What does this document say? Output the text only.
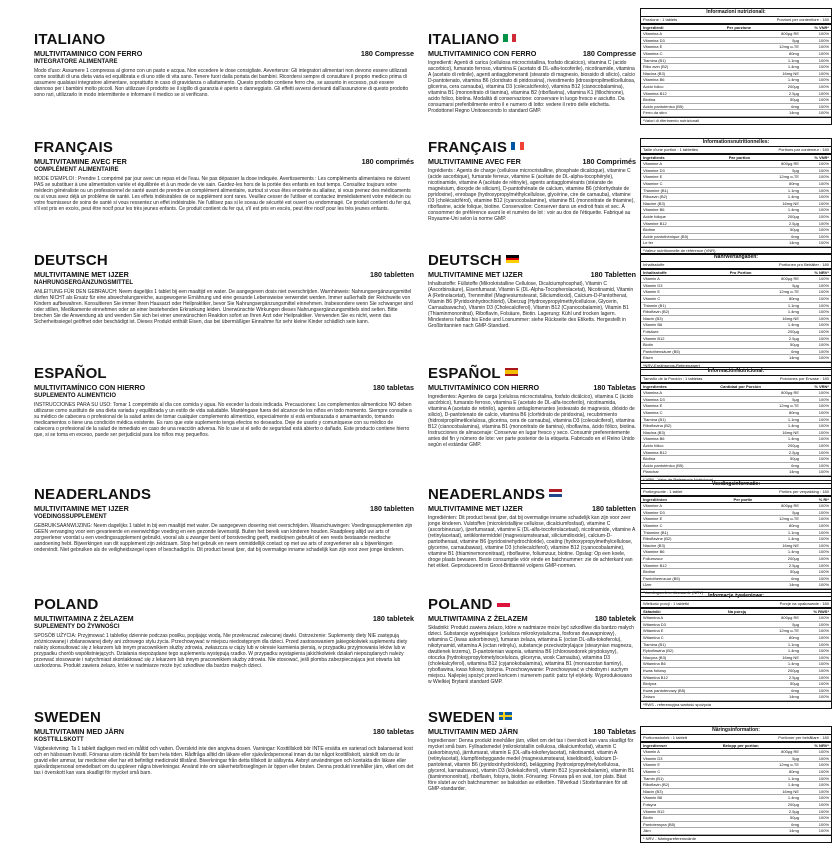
ITALIANO
MULTIVITAMINICO CON FERRO	180 Compresse
INTEGRATORE ALIMENTARE
Modo d'uso: Assumere 1 compressa al giorno con un pasto e acqua. Non eccedere le dose consigliate. Avvertenze: Gli integratori alimentari non devono essere utilizzati come sostituti di una dieta varia ed equilibrata e di uno stile di vita sano. Tenere fuori dalla portata dei bambini. Ricordersi sempre di consultare il proprio medico prima di assumere qualsiasi integratore alimentare, soprattutto in caso di gravidanza o allattamento. Questo prodotto contiene ferro che, se assunto in eccesso, può essere dannoso per i bambini molto piccoli. Non utilizzare il prodotto se il sigillo di garanzia è aperto o danneggiato. Gli effetti avversi derivanti dall'assunzione di questo prodotto sono rari, utilizzarlo in modo intermittente e informare il medico se si verificano.
FRANÇAIS
MULTIVITAMINE AVEC FER	180 comprimés
COMPLÉMENT ALIMENTAIRE
MODE D'EMPLOI : Prendre 1 comprimé par jour avec un repas et de l'eau. Ne pas dépasser la dose indiquée. Avertissements : Les compléments alimentaires ne doivent PAS se substituer à une alimentation variée et équilibrée et à un mode de vie sain. Gardez-les hors de la portée des enfants en tout temps. Consultez toujours votre médecin généraliste ou un professionnel de santé avant de prendre un complément alimentaire, surtout si vous êtes enceinte ou allaitez, si vous prenez des médicaments ou si vous avez déjà un problème de santé. Les effets indésirables de ce supplément sont rares. Veuillez cesser de l'utiliser et contactez immédiatement votre médecin ou votre fournisseur de soins de santé si vous ressentez un effet indésirable. Ne l'utilisez pas si le sceau de sécurité est ouvert ou endommagé. Ce produit contient du fer qui, s'il est pris en excès, peut être nocif pour les très jeunes enfants. Ce produit contient du fer qui, s'il est pris en excès, peut être nocif pour les très jeunes enfants.
DEUTSCH
MULTIVITAMINE MET IJZER	180 tabletten
NAHRUNGSERGÄNZUNGSMITTEL
ANLEITUNG FÜR DEN GEBRAUCH: Neem dagelijks 1 tablet bij een maaltijd en water. De aangegeven dosis niet overschrijden. Warnhinweis: Nahrungsergänzungsmittel dürfen NICHT als Ersatz für eine abwechslungsreiche, ausgewogene Ernährung und eine gesunde Lebensweise verwendet werden. Immer außerhalb der Reichweite von Kindern aufbewahren. Konsultieren Sie immer Ihren Hausarzt oder Heilpraktiker, bevor Sie Nahrungsergänzungsmittel einnehmen. Insbesondere wenn Sie schwanger sind oder stillen, Medikamente einnehmen oder an einer bestehenden Erkrankung leiden. Unerwünschte Wirkungen dieses Nahrungsergänzungsmittels sind selten. Bitte brechen Sie die Anwendung ab und wenden Sie sich bei einer unerwünschten Reaktion sofort an Ihren Arzt oder Heilpraktiker. Verwenden Sie es nicht, wenn das Sicherheitssiegel geöffnet oder beschädigt ist. Dieses Produkt enthält Eisen, das bei übermäßiger Einnahme für sehr kleine Kinder schädlich sein kann.
ESPAÑOL
MULTIVITAMÍNICO CON HIERRO	180 tabletas
SUPLEMENTO ALIMENTICIO
INSTRUCCIONES PARA SU USO: Tomar 1 comprimido al día con comida y agua. No exceder la dosis indicada. Precauciones: Los complementos alimenticios NO deben utilizarse como sustituto de una dieta variada y equilibrada y un estilo de vida saludable. Manténgase fuera del alcance de los niños en todo momento. Siempre consulte a su médico de cabecera o profesional de la salud antes de tomar cualquier complemento alimenticio, especialmente si está embarazada o amamantando, tomando medicamentos o tiene una condición médica existente. Es raro que este suplemento tenga efectos no deseados. Deje de usarlo y comuníquese con su médico de cabecera o profesional de la salud de inmediato en caso de una reacción adversa. No lo use si el sello de seguridad está abierto o dañado. Este producto contiene hierro que, si se toma en exceso, puede ser perjudicial para los niños muy pequeños.
NEADERLANDS
MULTIVITAMINE MET IJZER	180 tabletten
VOEDINGSSUPPLEMENT
GEBRUIKSAANWIJZING: Neem dagelijks 1 tablet in bij een maaltijd met water. De aangegeven dosering niet overschrijden. Waarschuwingen: Voedingssupplementen zijn GEEN vervanging voor een gevarieerde en evenwichtige voeding en een gezonde levensstijl. Buiten het bereik van kinderen houden. Raadpleeg altijd uw arts of zorgverlener voordat u een voedingssupplement gebruikt, vooral als u zwanger bent of borstvoeding geeft, medicijnen gebruikt of een reeds bestaande medische aandoening hebt. Bijwerkingen van dit supplement zijn zeldzaam. Stop het gebruik en neem onmiddellijk contact op met uw arts of zorgverlener als u bijwerkingen ondervindt. Niet gebruiken als de veiligheidszegel open of beschadigd is. Dit product bevat ijzer, dat bij overmatige inname schadelijk kan zijn voor zeer jonge kinderen.
POLAND
MULTIWITAMINA Z ŻELAZEM	180 tabletek
SUPLEMENTY DO ŻYWNOŚCI
SPOSÓB UŻYCIA: Przyjmować 1 tabletkę dziennie podczas posiłku, popijając wodą. Nie przekraczać zalecanej dawki. Ostrzeżenie: Suplementy diety NIE zastępują zróżnicowanej i zbilansowanej diety ani zdrowego stylu życia. Przechowywać w miejscu niedostępnym dla dzieci. Przed zastosowaniem jakiegokolwiek suplementu diety należy skonsultować się z lekarzem lub innym pracownikiem służby zdrowia, zwłaszcza w ciąży lub w okresie karmienia piersią, w przypadku przyjmowania leków lub w przypadku chorób współistniejących. Działania niepożądane tego suplementu występują rzadko. W przypadku wystąpienia jakichkolwiek działań niepożądanych należy przerwać stosowanie i natychmiast skontaktować się z lekarzem lub innym pracownikiem służby zdrowia. Nie stosować, jeśli plomba zabezpieczająca jest otwarta lub uszkodzona. Produkt zawiera żelazo, które w nadmiarze może być szkodliwe dla bardzo małych dzieci.
SWEDEN
MULTIVITAMIN MED JÄRN	180 tabletas
KOSTTILLSKOTT
Vägbeskrivning: Ta 1 tablett dagligen med en måltid och vatten. Överskrid inte den angivna dosen. Varningar: Kosttillskott bör INTE ersätta en varierad och balanserad kost och en hälsosam livsstil. Förvaras utom räckhåll för barn hela tiden. Rådfråga alltid din läkare eller sjukvårdspersonal innan du tar något kosttillskott, särskilt om du är gravid eller ammar, tar mediciner eller har ett befintligt medicinskt tillstånd. Biverkningar från detta tillskott är sällsynta. Avbryt användningen och kontakta din läkare eller sjukvårdspersonal omedelbart om du upplever några biverkningar. Använd inte om säkerhetsförseglingen är öppen eller bruten. Denna produkt innehåller järn, vilket om det tas i överskott kan vara skadligt för mycket små barn.
ITALIANO
MULTIVITAMINICO CON FERRO	180 Compresse
Ingredienti: Agenti di carica (cellulosa microcristallina, fosfato dicalcico), vitamina C (acido ascorbico), fumarato ferroso, vitamina E (acetato di DL-alfa-tocoferile), nicotinamide, vitamina A (acetato di retinile), agenti antiagglomeranti (stearato di magnesio, biossido di silicio), calcio D-pantotenato, vitamina B6 (cloridrato di piridossina), rivestimento (idrossipropilmetilcellulosa, glicerina, cera carnauba), vitamina D3 (colecalciferolo), vitamina B12 (cianocobalamina), vitamina B1 (mononitrato di tiamina), vitamina B2 (riboflavina), vitamina K1 (fillochinone), acido folico, biotina. Modalità di conservazione: conservare in luogo fresco e asciutto. Da consumarsi preferibilmente entro il e numero di lotto: vedere il retro delle etichetta. Prodottonel Regno Unitosecondo lo standard GMP.
FRANÇAIS
MULTIVITAMINE AVEC FER	180 Comprimés
Ingrédients : Agents de charge (cellulose microcristalline, phosphate dicalcique), vitamine C (acide ascorbique), fumarate ferreux, vitamine E (acétate de DL-alpha-tocophéryle), nicotinamide, vitamine A (acétate de rétinyle), agents antiagglomérants (stéarate de magnésium, dioxyde de silicium), D-pantothénate de calcium, vitamine B6 (chlorhydrate de pyridoxine), enrobage (hydroxypropylméthylcellulose, glycérine, cire de carnauba), vitamine D3 (cholécalciférol), vitamine B12 (cyanocobalamine), vitamine B1 (mononitrate de thiamine), riboflavine, acide folique, biotine. Conservation: Conserver dans un endroit frais et sec. À consommer de préférence avant le et numéro de lot : voir au dos de l'étiquette. Fabriqué au Royaume-Uni selon la norme GMP.
DEUTSCH
MULTIVITAMINE MET IJZER	180 Tabletten
Inhaltsstoffe: Füllstoffe (Mikrokristalline Cellulose, Dicalciumphosphat), Vitamin C (Ascorbinsäure), Eisenfumarat, Vitamin E (DL-Alpha-Tocopherolacetat), Nicotinamid, Vitamin A (Retinolacetat), Trennmittel (Magnesiumstearat, Siliciumdioxid), Calcium-D-Pantothenat, Vitamin B6 (Pyridoxinhydrochlorid), Überzug (Hydroxypropylmethylcellulose, Glycerin, Carnaubawachs), Vitamin D3 (Cholecalciferol), Vitamin B12 (Cyanocobalamin), Vitamin B1 (Thiaminmononitrat), Riboflavin, Folsäure, Biotin. Lagerung: Kühl und trocken lagern. Mindestens haltbar bis Ende und Losnummer: siehe Rückseite des Etiketts. Hergestellt in Großbritannien nach GMP-Standard.
ESPAÑOL
MULTIVITAMÍNICO CON HIERRO	180 Tabletas
Ingredientes: Agentes de carga (celulosa microcristalina, fosfato dicálcico), vitamina C (ácido ascórbico), fumarato ferroso, vitamina E (acetato de DL-alfa-tocoferilo), nicotinamida, vitamina A (acetato de retinilo), agentes antiaglomerantes (estearato de magnesio, dióxido de silicio), D-pantotenato de calcio, vitamina B6 (clorhidrato de piridoxina), recubrimiento (hidroxipropilmetilcelulosa, glicerina, cera de carnauba), vitamina D3 (colecalciferol), vitamina B12 (cianocobalamina), vitamina B1 (mononitrato de tiamina), riboflavina, ácido fólico, biotina. Instrucciones de almacenaje: Conservar en lugar fresco y seco. Consumir preferentemente antes del fin y número de lote: ver parte posterior de la etiqueta. Fabricado en el Reino Unido según el estándar GMP.
NEADERLANDS
MULTIVITAMINE MET IJZER	180 tabletten
Ingrediënten: Dit product bevat ijzer, dat bij overmatige inname schadelijk kan zijn voor zeer jonge kinderen. Vulstoffen (microkristallijne cellulose, dicalciumfosfaat), vitamine C (ascorbinezuur), ijzerfumaraat, vitamine E (DL-alfa-tocoferolacetaat), nicotinamide, vitamine A (retinylacetaat), antiklontermiddel (magnesiumstearaat, siliciumdioxide), calcium-D-pantothenaat, vitamine B6 (pyridoxinehydrochloride), coating (hydroxypropylmethylcellulose, glycerine, carnaubawas), vitamine D3 (cholecalciferol), vitamine B12 (cyanocobalamine), vitamine B1 (thiaminemononitraat), riboflavine, foliumzuur, biotine. Opslag: Op een koele, droge plaats bewaren. Beste consumptie vóór einde en batchnummer: zie de achterkant van het etiket. Geproduceerd in Groot-Brittannië volgens GMP-normen.
POLAND
MULTIWITAMINA Z ŻELAZEM	180 tabletek
Składniki: Produkt zawiera żelazo, które w nadmiarze może być szkodliwe dla bardzo małych dzieci. Substancje wypełniające (celuloza mikrokrystaliczna, fosforan dwuwapniowy), witamina C (kwas askorbinowy), fumaran żelaza, witamina E (octan DL-alfa-tokoferolu), nikotynamid, witamina A (octan retinylu), substancje przeciwzbrylające (stearynian magnezu, dwutlenek krzemu), D-pantotenian wapnia, witamina B6 (chlorowodorek pirydoksyny), otoczka (hydroksypropylometyloceluloza, gliceryna, wosk Carnauba), witamina D3 (cholekalcyferol), witamina B12 (cyjanokobalamina), witamina B1 (monoazotan tiaminy), ryboflawina, kwas foliowy, biotyna. Przechowywanie: Przechowywać w chłodnym i suchym miejscu. Najlepiej spożyć przed końcem i numerem partii: patrz tył etykiety. Wyprodukowano w Wielkiej Brytanii standard GMP.
SWEDEN
MULTIVITAMIN MED JÄRN	180 Tabletas
Ingredienser: Denna produkt innehåller järn, vilket om det tas i överskott kan vara skadligt för mycket små barn. Fyllnadsmedel (mikrokristallin cellulosa, dikalciumfosfat), vitamin C (askorbinsyra), järnfumarat, vitamin E (DL-alfa-tokoferylacetat), nikotinamid, vitamin A (retinylacetat), klumpförebyggande medel (magnesiumstearat, kiseldioxid), kalcium D-pantotenat, vitamin B6 (pyridoxinhydroklorid), beläggning (hydroxipropylmetylcellulosa, glycerol, karnaubavax), vitamin D3 (kolekalciferol), vitamin B12 (cyanokobalamin), vitamin B1 (tiaminmononitrat), riboflavin, folsyra, biotin. Förvaring: Förvara på en sval, torr plats. Bäst före slutet av och batchnummer: se baksidan av etiketten. Tillverkad i Storbritannien för att GMP-standarder.
Informazioni nutrizionali:
Porzione : 1 tablets	Porzioni per contenitore : 180
Ingredienti	Per porzione	% VNR*
Vitamina A	800μg RE	100%
Vitamina D3	5μg	100%
Vitamina E	12mg α-TE	100%
Vitamina C	80mg	100%
Tiamina (B1)	1.1mg	100%
Ribo avin (B2)	1.4mg	100%
Niacina (B3)	16mg NE	100%
Vitamina B6	1.4mg	100%
Acido folico	200μg	100%
Vitamina B12	2.5μg	100%
Biotina	50μg	100%
Acido pantotenico (B5)	6mg	100%
Ferro da stiro	14mg	100%
*Valori di riferimento nutrizionali
Informationsnutritionnelles:
Taille d'une portion : 1 tablettes	Portions par conteneur : 180
Ingrédients	Par portion	% VNR*
Vitamine A	800μg RE	100%
Vitamine D3	5μg	100%
Vitamine E	12mg α-TE	100%
Vitamine C	80mg	100%
Thiamine (B1)	1.1mg	100%
Riboavin (B2)	1.4mg	100%
Niacine (B3)	16mg NE	100%
Vitamine B6	1.4mg	100%
Acide folique	200μg	100%
Vitamine B12	2.5μg	100%
Biotine	50μg	100%
Acide pantothénique (B5)	6mg	100%
Le fer	14mg	100%
*Valeur nutritionnelle de référence (VNR)
Nährwertangaben:
Inhaltsstoffe	Portionen pro Behälter : 180
Inhaltsstoffe	Pro Portion	% NRV*
Vitamin A	800μg RE	100%
Vitamin D3	5μg	100%
Vitamin E	12mg α-TE	100%
Vitamin C	80mg	100%
Thiamin (B1)	1.1mg	100%
Riboflavin (B2)	1.4mg	100%
Niacin (B3)	16mg NE	100%
Vitamin B6	1.4mg	100%
Folsäure	200μg	100%
Vitamin B12	2.5μg	100%
Biotin	50μg	100%
Pantothensäure (B5)	6mg	100%
Eisen	14mg	100%
*NRV-Ernährungs-Referenzwert
InformaciónNutricional:
Tamaño de la Porción : 1 tabletas	Porciones por Envase : 180
Ingredientes	Cantidad por Porción	% VRN*
Vitamina A	800μg RE	100%
Vitamina D3	5μg	100%
Vitamina E	12mg α-TE	100%
Vitamina C	80mg	100%
Tiamina (B1)	1.1mg	100%
Riboflavina (B2)	1.4mg	100%
Niacina (B3)	16mg NE	100%
Vitamina B6	1.4mg	100%
Ácido fólico	200μg	100%
Vitamina B12	2.5μg	100%
Biotina	50μg	100%
Ácido pantoténico (B5)	6mg	100%
Planchar	14mg	100%
* VRN - Valor de Referencia Nutricional
Voedingsinformatie:
Portiegrootte : 1 tablet	Porties per verpakking : 180
Ingrediënten	Per portie	% RI*
Vitamine A	800μg RE	100%
Vitamine D3	5μg	100%
Vitamine E	12mg α-TE	100%
Vitamine C	80mg	100%
Thiamine (B1)	1.1mg	100%
Riboflavine (B2)	1.4mg	100%
Niacine (B3)	16mg NE	100%
Vitamine B6	1.4mg	100%
Foliumzuur	200μg	100%
Vitamine B12	2.5μg	100%
Biotine	50μg	100%
Pantotheenzuur (B5)	6mg	100%
IJzer	14mg	100%
*Voedingsreferentiewaarde (NRV)
Informacje żywieniowe:
Wielkość porcji : 1 tabletki	Porcje na opakowanie : 180
Składniki	Na porcję	% RWS*
Witamina A	800μg RE	100%
Witamina D3	5μg	100%
Witamina E	12mg α-TE	100%
Witamina C	80mg	100%
Tiamina (B1)	1.1mg	100%
Ryboflawina (B2)	1.4mg	100%
Niacyna (B3)	16mg NE	100%
Witamina B6	1.4mg	100%
Kwas foliowy	200μg	100%
Witamina B12	2.5μg	100%
Biotyna	50μg	100%
Kwas pantotenowy (B5)	6mg	100%
Żelazo	14mg	100%
*RWS - referencyjna wartość spożycia
Näringsinformation:
Portionsstorlek : 1 tablett	Portioner per behållare : 180
Ingredienser	Belopp per portion	% NRV*
Vitamin A	800μg RE	100%
Vitamin D3	5μg	100%
Vitamin E	12mg α-TE	100%
Vitamin C	80mg	100%
Tiamin (B1)	1.1mg	100%
Riboflavin (B2)	1.4mg	100%
Niacin (B3)	16mg NE	100%
Vitamin B6	1.4mg	100%
Folsyra	200μg	100%
Vitamin B12	2.5μg	100%
Biotin	50μg	100%
Pantotensyra (B5)	6mg	100%
Järn	14mg	100%
* NRV - Näringsreferensvärde
